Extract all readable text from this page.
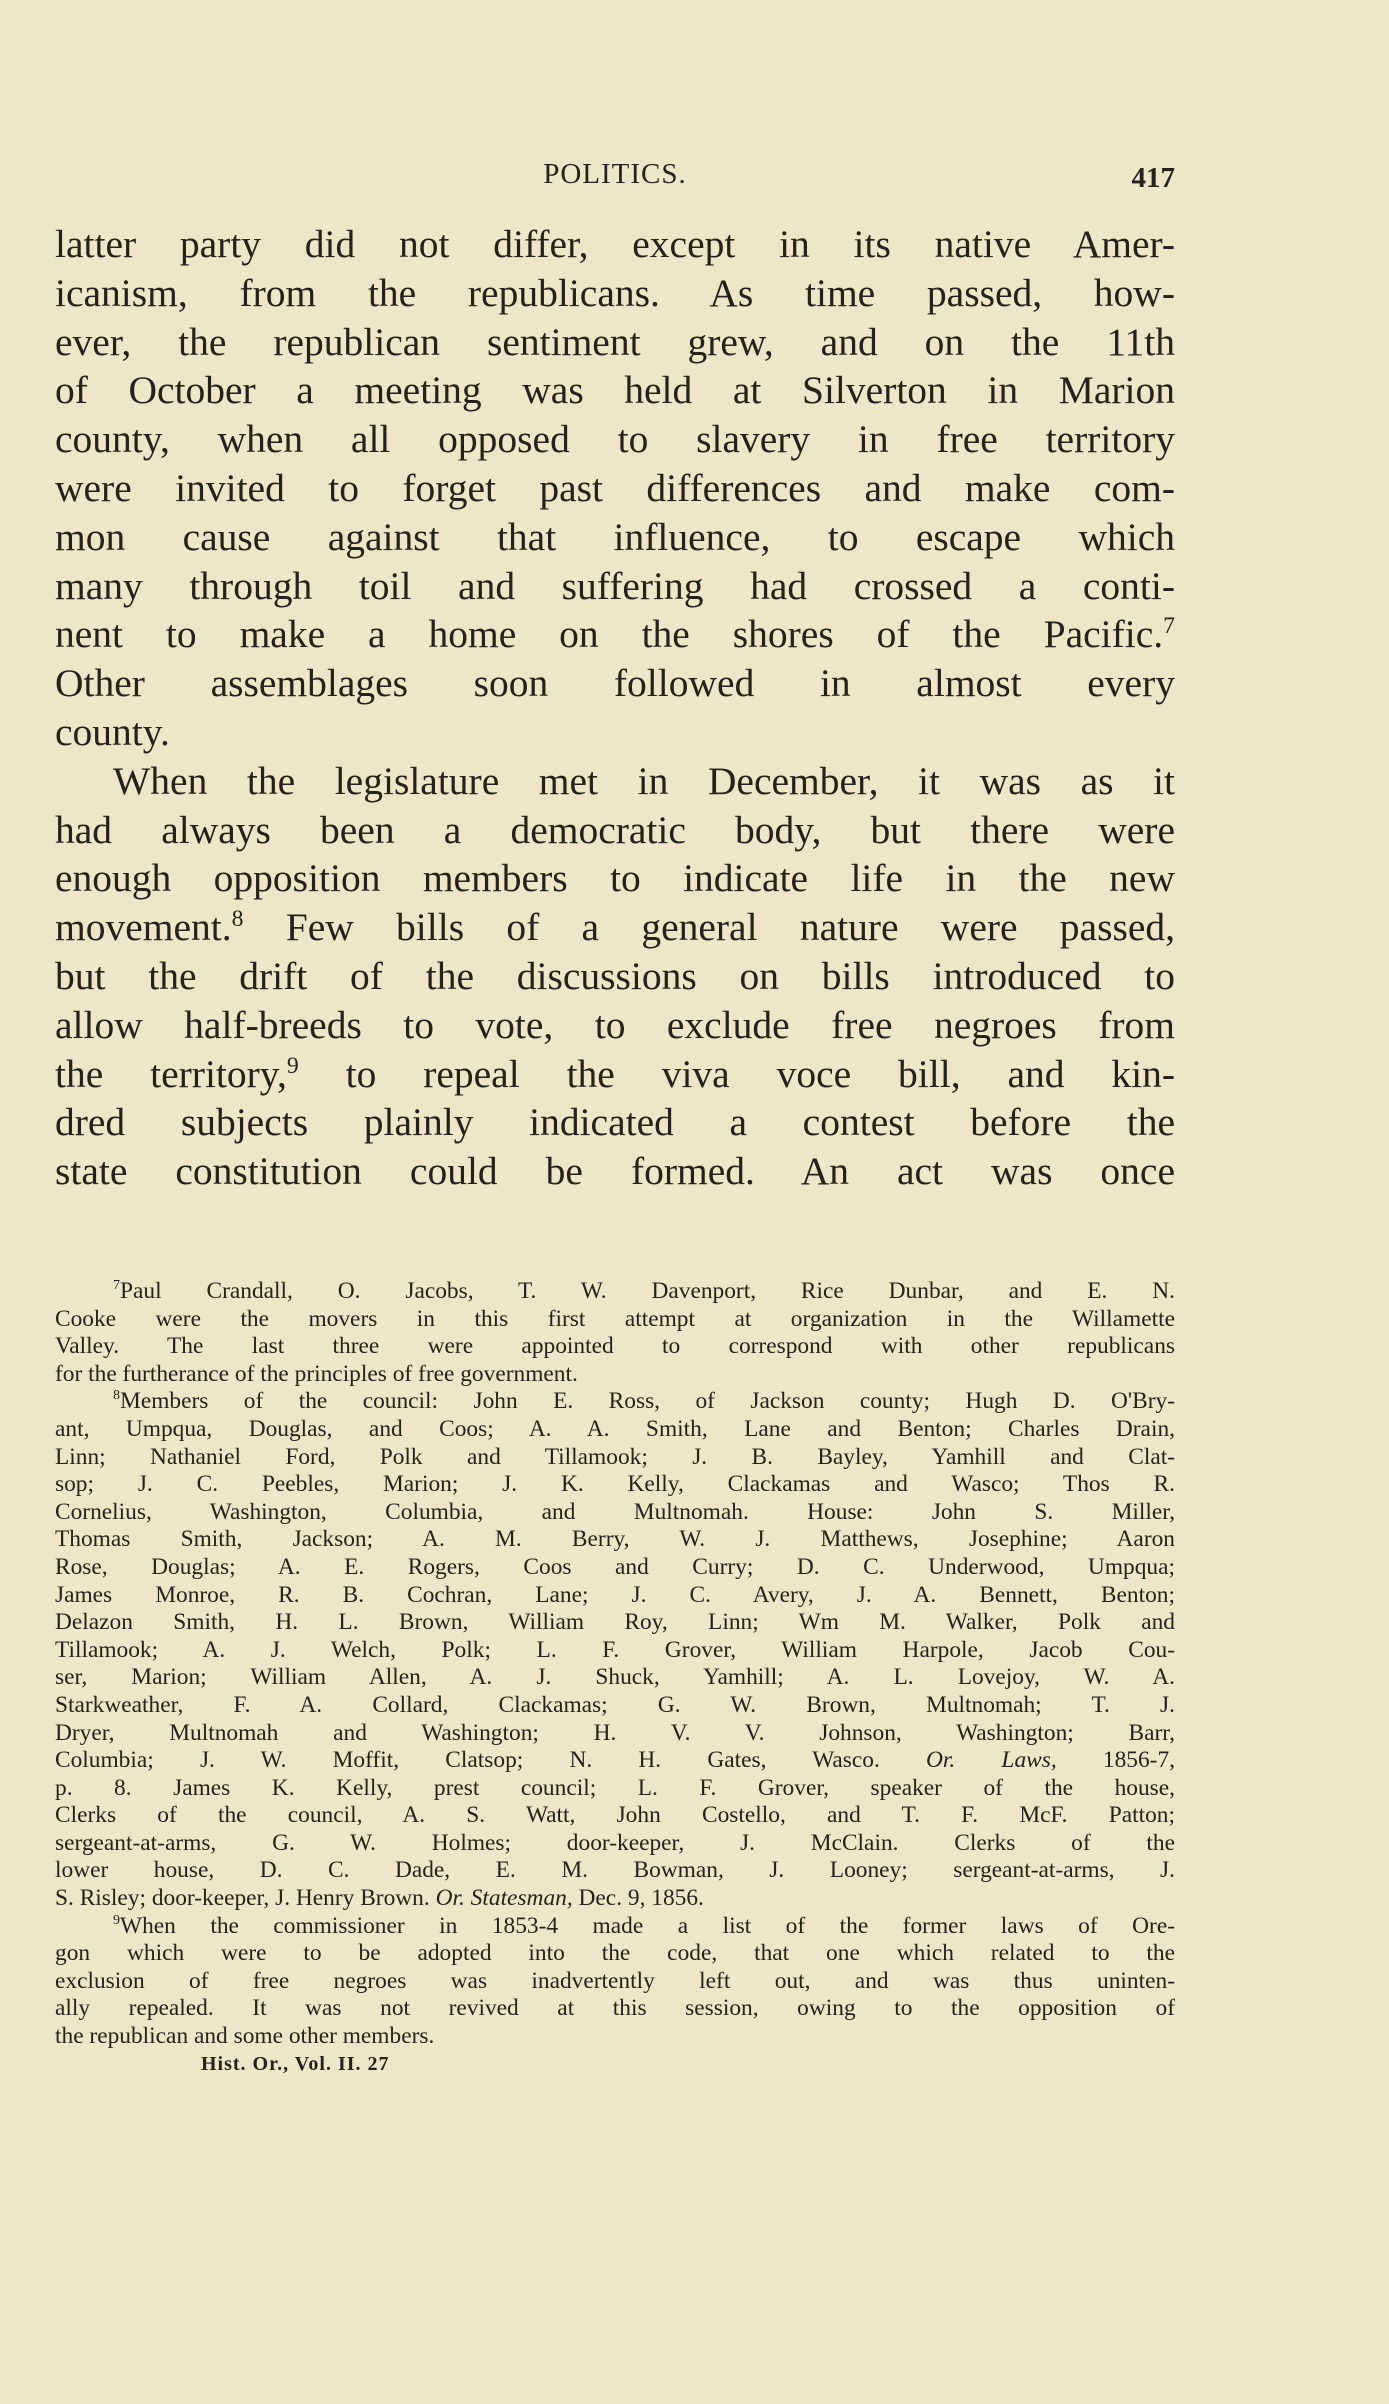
POLITICS.	417
latter party did not differ, except in its native Amer-
icanism, from the republicans. As time passed, how-
ever, the republican sentiment grew, and on the 11th
of October a meeting was held at Silverton in Marion
county, when all opposed to slavery in free territory
were invited to forget past differences and make com-
mon cause against that influence, to escape which
many through toil and suffering had crossed a conti-
nent to make a home on the shores of the Pacific.$^7$
Other assemblages soon followed in almost every
county.
When the legislature met in December, it was as it
had always been a democratic body, but there were
enough opposition members to indicate life in the new
movement.$^8$ Few bills of a general nature were passed,
but the drift of the discussions on bills introduced to
allow half-breeds to vote, to exclude free negroes from
the territory,$^9$ to repeal the viva voce bill, and kin-
dred subjects plainly indicated a contest before the
state constitution could be formed. An act was once
$^7$Paul Crandall, O. Jacobs, T. W. Davenport, Rice Dunbar, and E. N.
Cooke were the movers in this first attempt at organization in the Willamette
Valley. The last three were appointed to correspond with other republicans
for the furtherance of the principles of free government.
$^8$Members of the council: John E. Ross, of Jackson county; Hugh D. O'Bry-
ant, Umpqua, Douglas, and Coos; A. A. Smith, Lane and Benton; Charles Drain,
Linn; Nathaniel Ford, Polk and Tillamook; J. B. Bayley, Yamhill and Clat-
sop; J. C. Peebles, Marion; J. K. Kelly, Clackamas and Wasco; Thos R.
Cornelius, Washington, Columbia, and Multnomah. House: John S. Miller,
Thomas Smith, Jackson; A. M. Berry, W. J. Matthews, Josephine; Aaron
Rose, Douglas; A. E. Rogers, Coos and Curry; D. C. Underwood, Umpqua;
James Monroe, R. B. Cochran, Lane; J. C. Avery, J. A. Bennett, Benton;
Delazon Smith, H. L. Brown, William Roy, Linn; Wm M. Walker, Polk and
Tillamook; A. J. Welch, Polk; L. F. Grover, William Harpole, Jacob Cou-
ser, Marion; William Allen, A. J. Shuck, Yamhill; A. L. Lovejoy, W. A.
Starkweather, F. A. Collard, Clackamas; G. W. Brown, Multnomah; T. J.
Dryer, Multnomah and Washington; H. V. V. Johnson, Washington; Barr,
Columbia; J. W. Moffit, Clatsop; N. H. Gates, Wasco. Or. Laws, 1856-7,
p. 8. James K. Kelly, prest council; L. F. Grover, speaker of the house,
Clerks of the council, A. S. Watt, John Costello, and T. F. McF. Patton;
sergeant-at-arms, G. W. Holmes; door-keeper, J. McClain. Clerks of the
lower house, D. C. Dade, E. M. Bowman, J. Looney; sergeant-at-arms, J.
S. Risley; door-keeper, J. Henry Brown. Or. Statesman, Dec. 9, 1856.
$^9$When the commissioner in 1853-4 made a list of the former laws of Ore-
gon which were to be adopted into the code, that one which related to the
exclusion of free negroes was inadvertently left out, and was thus uninten-
ally repealed. It was not revived at this session, owing to the opposition of
the republican and some other members.
Hist. Or., Vol. II. 27
